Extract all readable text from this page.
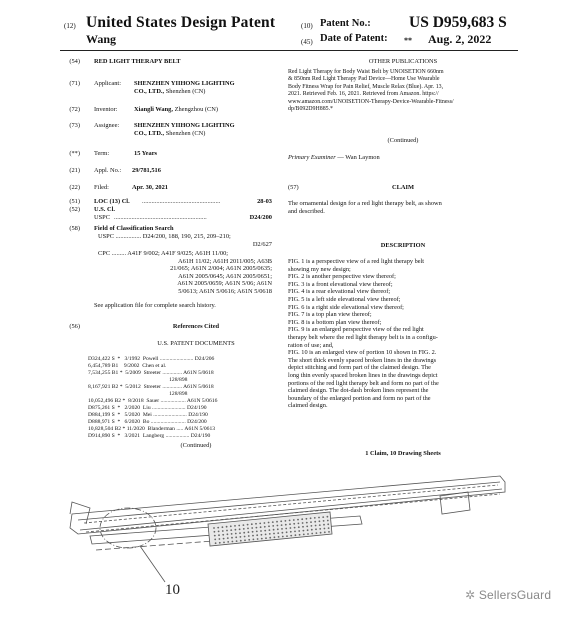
(12) United States Design Patent
Wang
(10) Patent No.: US D959,683 S
(45) Date of Patent: ** Aug. 2, 2022
(54) RED LIGHT THERAPY BELT
(71) Applicant: SHENZHEN YIIHONG LIGHTING
CO., LTD., Shenzhen (CN)
(72) Inventor:	Xiangli Wang, Zhengzhou (CN)
(73) Assignee: SHENZHEN YIIHONG LIGHTING
CO., LTD., Shenzhen (CN)
(**) Term:	15 Years
(21) Appl. No.: 29/781,516
(22) Filed:	Apr. 30, 2021
(51) LOC (13) Cl. .................................................	28-03
(52) U.S. Cl.
USPC ..........................................................	D24/200
(58) Field of Classification Search
USPC ................ D24/200, 188, 190, 215, 209–210;
D2/627
CPC ......... A41F 9/002; A41F 9/025; A61H 11/00;
A61H 11/02; A61H 2011/005; A63B
21/065; A61N 2/004; A61N 2005/0635;
A61N 2005/0645; A61N 2005/0651;
A61N 2005/0659; A61N 5/06; A61N
5/0613; A61N 5/0616; A61N 5/0618
See application file for complete search history.
(56)	References Cited
U.S. PATENT DOCUMENTS
D324,422 S  *   3/1992  Powell ........................ D24/206
6,454,789 B1    9/2002  Chen et al.
7,534,255 B1 *  5/2009  Streeter .............. A61N 5/0618
128/898
8,167,921 B2 *  5/2012  Streeter .............. A61N 5/0618
128/898
10,052,496 B2 *  8/2018  Sauer .................. A61N 5/0616
D875,261 S  *   2/2020  Liu ........................ D24/190
D884,199 S  *   5/2020  Mei ........................ D24/190
D888,971 S  *   6/2020  Bo ......................... D24/200
10,828,504 B2 * 11/2020  Blanderman ..... A61N 5/0613
D914,890 S  *   3/2021  Langberg ................. D24/190
(Continued)
OTHER PUBLICATIONS
Red Light Therapy for Body Waist Belt by UNOISETION 660nm
& 850nm Red Light Therapy Pad Device—Home Use Wearable
Body Fitness Wrap for Pain Relief, Muscle Relax (Blue). Apr. 13,
2021. Retrieved Feb. 16, 2021. Retrieved from Amazon. https://
www.amazon.com/UNOISETION-Therapy-Device-Wearable-Fitness/
dp/B092D9H885.*
(Continued)
Primary Examiner — Wan Laymon
(57)	CLAIM
The ornamental design for a red light therapy belt, as shown
and described.
DESCRIPTION
FIG. 1 is a perspective view of a red light therapy belt
showing my new design;
FIG. 2 is another perspective view thereof;
FIG. 3 is a front elevational view thereof;
FIG. 4 is a rear elevational view thereof;
FIG. 5 is a left side elevational view thereof;
FIG. 6 is a right side elevational view thereof;
FIG. 7 is a top plan view thereof;
FIG. 8 is a bottom plan view thereof;
FIG. 9 is an enlarged perspective view of the red light
therapy belt where the red light therapy belt is in a configu-
ration of use; and,
FIG. 10 is an enlarged view of portion 10 shown in FIG. 2.
The short thick evenly spaced broken lines in the drawings
depict stitching and form part of the claimed design. The
long thin evenly spaced broken lines in the drawings depict
portions of the red light therapy belt and form no part of the
claimed design. The dot-dash broken lines represent the
boundary of the enlarged portion and form no part of the
claimed design.
1 Claim, 10 Drawing Sheets
10	✲ SellersGuard
